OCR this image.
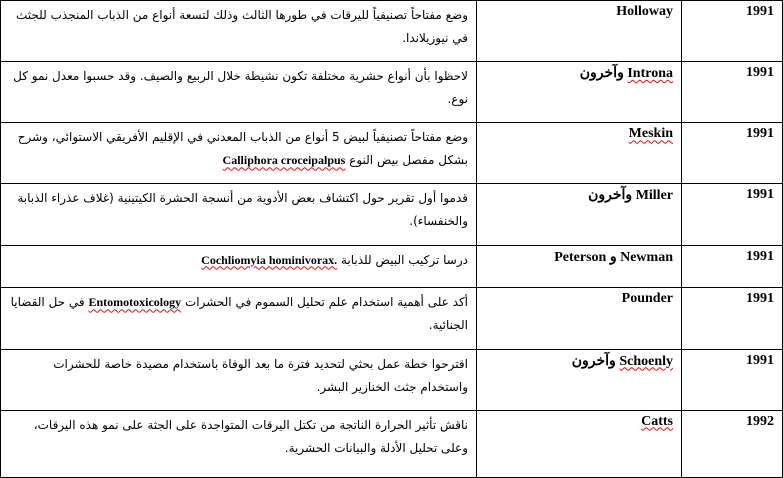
1991	Holloway	وضع مفتاحاً تصنيفياً لليرقات في طورها الثالث وذلك لتسعة أنواع من الذباب المنجذب للجثث في نيوزيلاندا.
1991	Introna وآخرون	لاحظوا بأن أنواع حشرية مختلفة تكون نشيطة خلال الربيع والصيف. وقد حسبوا معدل نمو كل نوع.
1991	Meskin	وضع مفتاحاً تصنيفياً لبيض 5 أنواع من الذباب المعدني في الإقليم الأفريقي الاستوائي، وشرح بشكل مفصل بيض النوع Calliphora croceipalpus
1991	Miller وآخرون	قدموا أول تقرير حول اكتشاف بعض الأدوية من أنسجة الحشرة الكيتينية (غلاف عذراء الذبابة والخنفساء).
1991	Newman و Peterson	درسا تركيب البيض للذبابة Cochliomyia hominivorax.
1991	Pounder	أكد على أهمية استخدام علم تحليل السموم في الحشرات Entomotoxicology في حل القضايا الجنائية.
1991	Schoenly وآخرون	اقترحوا خطة عمل بحثي لتحديد فترة ما بعد الوفاة باستخدام مصيدة خاصة للحشرات واستخدام جثث الخنازير البشر.
1992	Catts	ناقش تأثير الحرارة الناتجة من تكتل اليرقات المتواجدة على الجثة على نمو هذه اليرقات، وعلى تحليل الأدلة والبيانات الحشرية.
